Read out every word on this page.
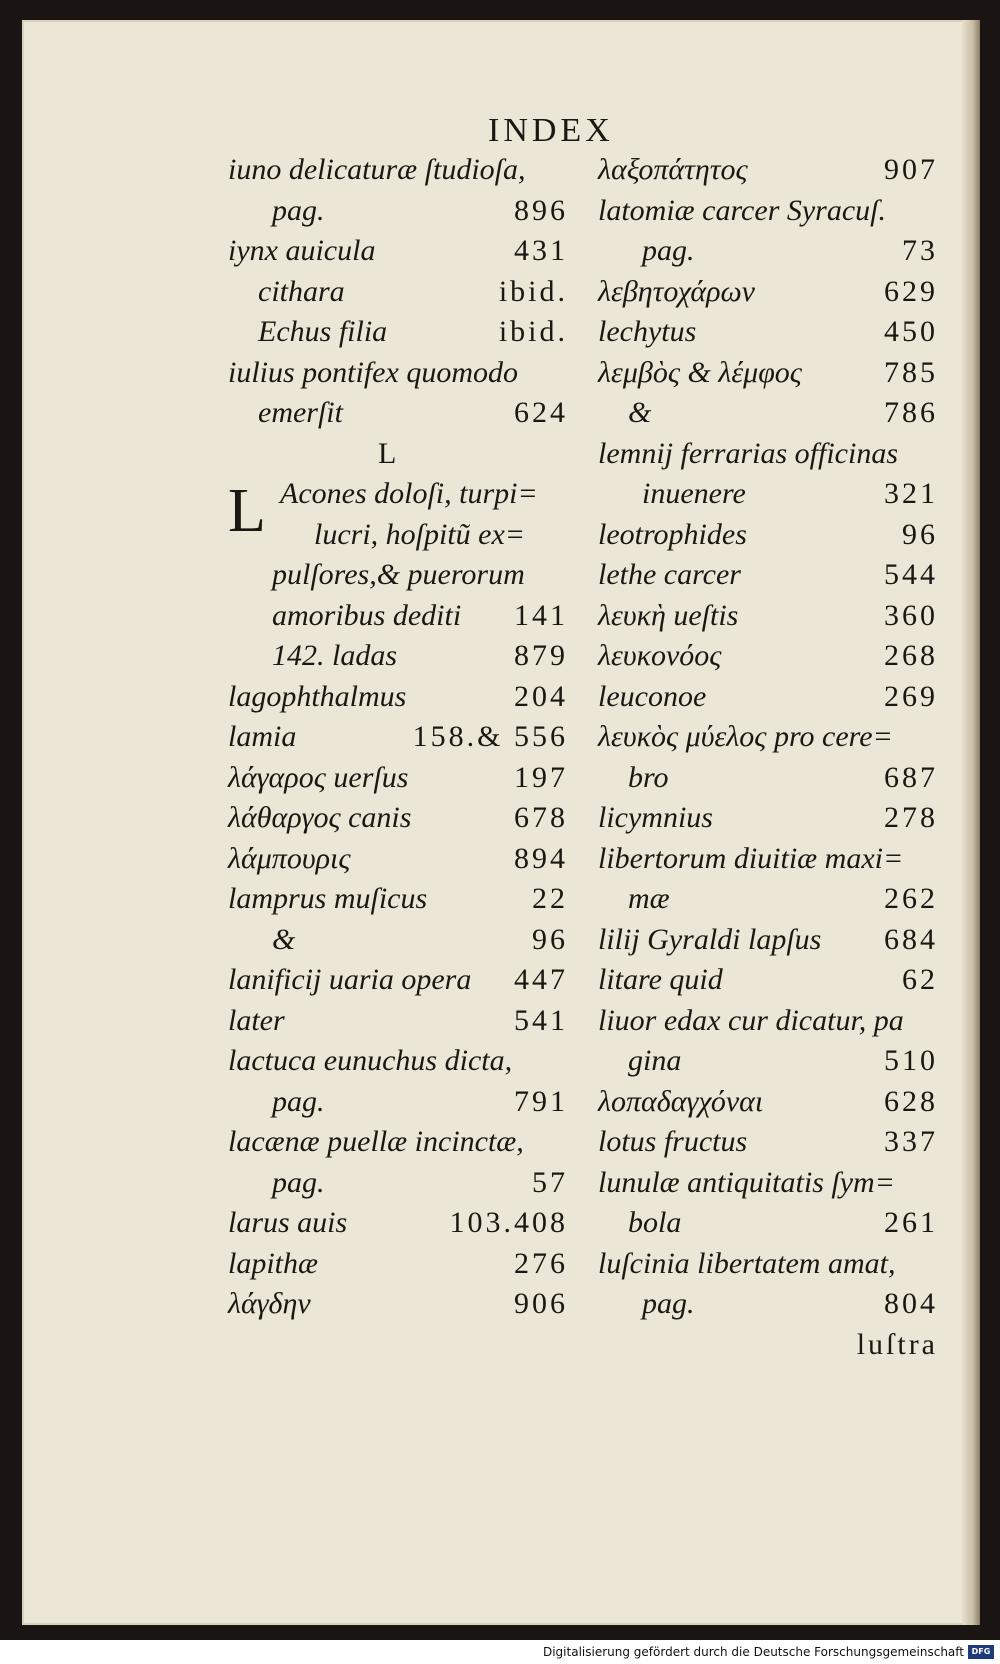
INDEX
iuno delicaturæ ſtudioſa,
pag.	896
iynx auicula	431
cithara	ibid.
Echus filia	ibid.
iulius pontifex quomodo
emerſit	624
L
L Acones doloſi, turpi=
lucri, hoſpitũ ex=
pulſores,& puerorum
amoribus dediti 141
142. ladas	879
lagophthalmus	204
lamia	158.& 556
λάγαρος uerſus	197
λάθαργος canis	678
λάμπουρις	894
lamprus muſicus	22
&	96
lanificij uaria opera 447
later	541
lactuca eunuchus dicta,
pag.	791
lacænæ puellæ incinctæ,
pag.	57
larus auis	103.408
lapithæ	276
λάγδην	906
λαξοπάτητος	907
latomiæ carcer Syracuſ.
pag.	73
λεβητοχάρων	629
lechytus	450
λεμβὸς & λέμφος	785
&	786
lemnij ferrarias officinas
inuenere	321
leotrophides	96
lethe carcer	544
λευκὴ ueſtis	360
λευκονόος	268
leuconoe	269
λευκὸς μύελος pro cere=
bro	687
licymnius	278
libertorum diuitiæ maxi=
mæ	262
lilij Gyraldi lapſus 684
litare quid	62
liuor edax cur dicatur, pa
gina	510
λοπαδαγχόναι	628
lotus fructus	337
lunulæ antiquitatis ſym=
bola	261
luſcinia libertatem amat,
pag.	804
luſtra
Digitalisierung gefördert durch die Deutsche Forschungsgemeinschaft DFG
